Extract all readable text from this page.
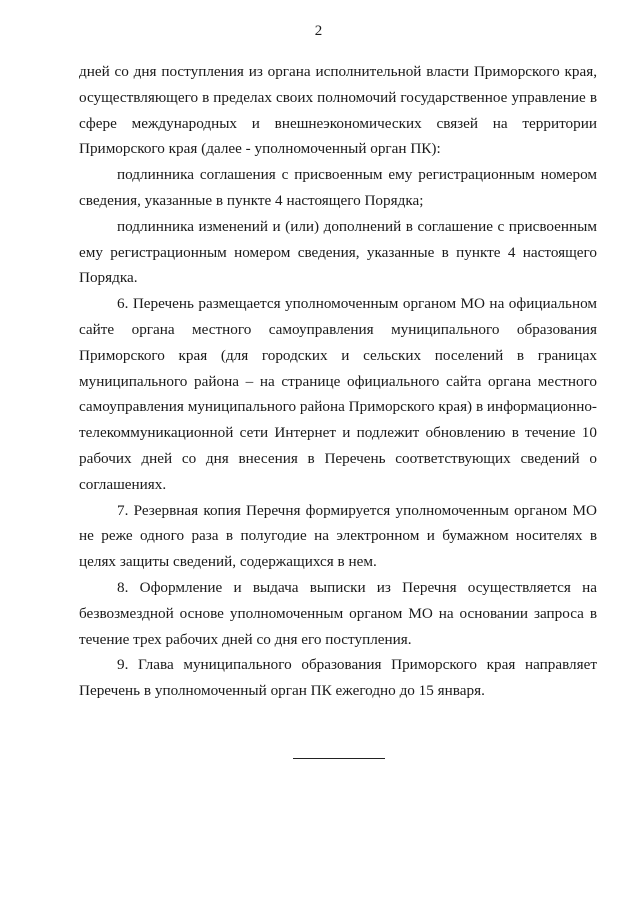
2

дней со дня поступления из органа исполнительной власти Приморского края, осуществляющего в пределах своих полномочий государственное управление в сфере международных и внешнеэкономических связей на территории Приморского края (далее - уполномоченный орган ПК):

подлинника соглашения с присвоенным ему регистрационным номером сведения, указанные в пункте 4 настоящего Порядка;

подлинника изменений и (или) дополнений в соглашение с присвоенным ему регистрационным номером сведения, указанные в пункте 4 настоящего Порядка.

6. Перечень размещается уполномоченным органом МО на официальном сайте органа местного самоуправления муниципального образования Приморского края (для городских и сельских поселений в границах муниципального района – на странице официального сайта органа местного самоуправления муниципального района Приморского края) в информационно-телекоммуникационной сети Интернет и подлежит обновлению в течение 10 рабочих дней со дня внесения в Перечень соответствующих сведений о соглашениях.

7. Резервная копия Перечня формируется уполномоченным органом МО не реже одного раза в полугодие на электронном и бумажном носителях в целях защиты сведений, содержащихся в нем.

8. Оформление и выдача выписки из Перечня осуществляется на безвозмездной основе уполномоченным органом МО на основании запроса в течение трех рабочих дней со дня его поступления.

9. Глава муниципального образования Приморского края направляет Перечень в уполномоченный орган ПК ежегодно до 15 января.
